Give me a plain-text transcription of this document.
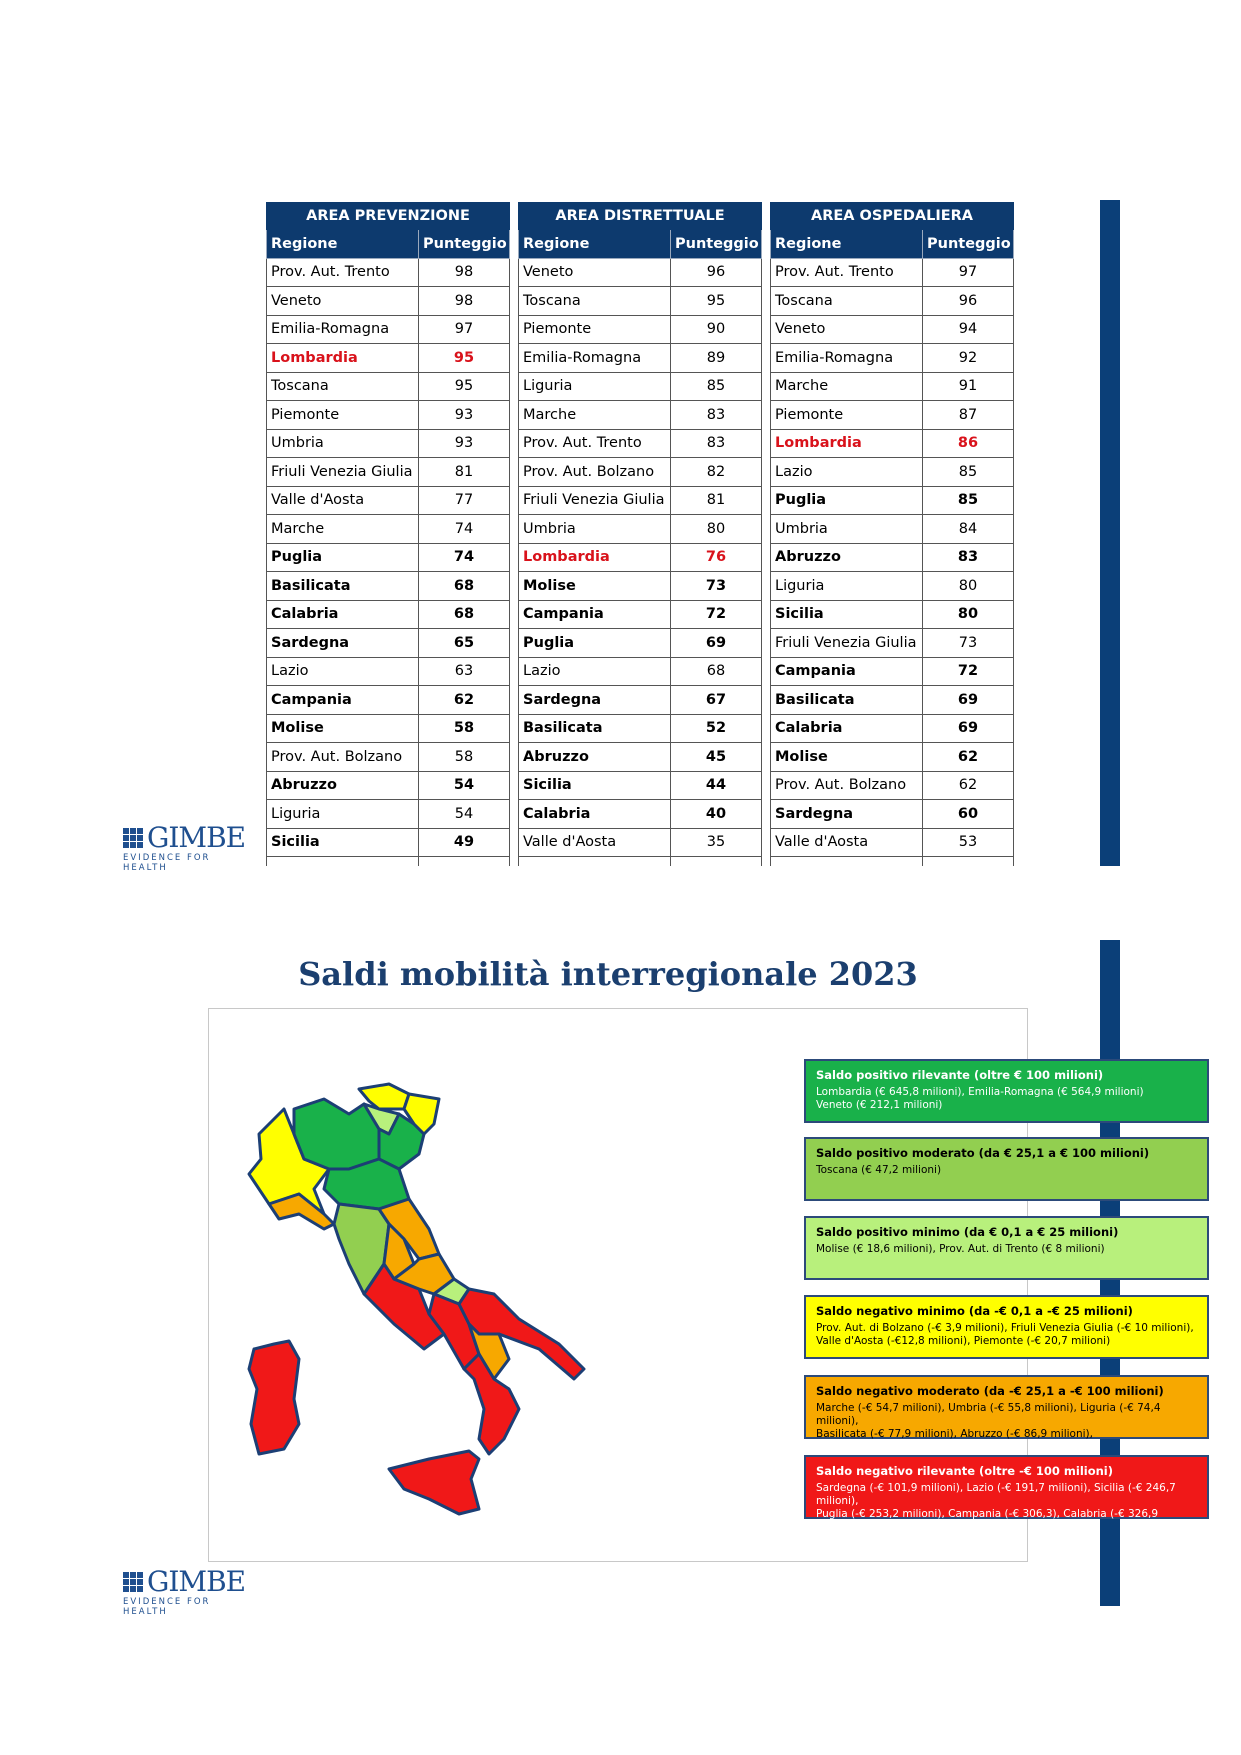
AREA PREVENZIONE	
Regione	Punteggio
Prov. Aut. Trento	98
Veneto	98
Emilia-Romagna	97
Lombardia	95
Toscana	95
Piemonte	93
Umbria	93
Friuli Venezia Giulia	81
Valle d'Aosta	77
Marche	74
Puglia	74
Basilicata	68
Calabria	68
Sardegna	65
Lazio	63
Campania	62
Molise	58
Prov. Aut. Bolzano	58
Abruzzo	54
Liguria	54
Sicilia	49

AREA DISTRETTUALE	
Regione	Punteggio
Veneto	96
Toscana	95
Piemonte	90
Emilia-Romagna	89
Liguria	85
Marche	83
Prov. Aut. Trento	83
Prov. Aut. Bolzano	82
Friuli Venezia Giulia	81
Umbria	80
Lombardia	76
Molise	73
Campania	72
Puglia	69
Lazio	68
Sardegna	67
Basilicata	52
Abruzzo	45
Sicilia	44
Calabria	40
Valle d'Aosta	35

AREA OSPEDALIERA	
Regione	Punteggio
Prov. Aut. Trento	97
Toscana	96
Veneto	94
Emilia-Romagna	92
Marche	91
Piemonte	87
Lombardia	86
Lazio	85
Puglia	85
Umbria	84
Abruzzo	83
Liguria	80
Sicilia	80
Friuli Venezia Giulia	73
Campania	72
Basilicata	69
Calabria	69
Molise	62
Prov. Aut. Bolzano	62
Sardegna	60
Valle d'Aosta	53

GIMBE
EVIDENCE FOR HEALTH
Saldi mobilità interregionale 2023
Saldo positivo rilevante (oltre € 100 milioni)
Lombardia (€ 645,8 milioni), Emilia-Romagna (€ 564,9 milioni)
Veneto (€ 212,1 milioni)
Saldo positivo moderato (da € 25,1 a € 100 milioni)
Toscana (€ 47,2 milioni)
Saldo positivo minimo (da € 0,1 a € 25 milioni)
Molise (€ 18,6 milioni), Prov. Aut. di Trento (€ 8 milioni)
Saldo negativo minimo (da -€ 0,1 a -€ 25 milioni)
Prov. Aut. di Bolzano (-€ 3,9 milioni), Friuli Venezia Giulia (-€ 10 milioni),
Valle d'Aosta (-€12,8 milioni), Piemonte (-€ 20,7 milioni)
Saldo negativo moderato (da -€ 25,1 a -€ 100 milioni)
Marche (-€ 54,7 milioni), Umbria (-€ 55,8 milioni), Liguria (-€ 74,4 milioni),
Basilicata (-€ 77,9 milioni), Abruzzo (-€ 86,9 milioni),
Saldo negativo rilevante (oltre -€ 100 milioni)
Sardegna (-€ 101,9 milioni), Lazio (-€ 191,7 milioni), Sicilia (-€ 246,7 milioni),
Puglia (-€ 253,2 milioni), Campania (-€ 306,3), Calabria (-€ 326,9 milioni)
GIMBE
EVIDENCE FOR HEALTH
